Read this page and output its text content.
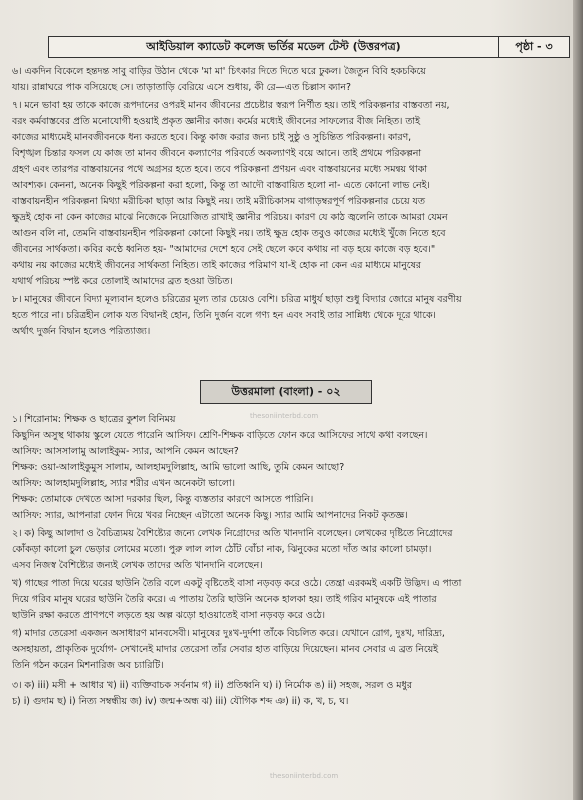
আইডিয়াল ক্যাডেট কলেজ ভর্তির মডেল টেস্ট (উত্তরপত্র)	পৃষ্ঠা - ৩
৬। একদিন বিকেলে হন্তদন্ত সাবু বাড়ির উঠান থেকে 'মা মা' চিৎকার দিতে দিতে ঘরে ঢুকল। জৈতুন বিবি হকচকিয়ে
যায়। রান্নাঘরে পাক বসিয়েছে সে। তাড়াতাড়ি বেরিয়ে এসে শুধায়, কী রে—এত চিল্লাস ক্যান?
৭। মনে ভাবা হয় তাকে কাজে রূপদানের ওপরই মানব জীবনের প্রচেষ্টার স্বরূপ নির্ণীত হয়। তাই পরিকল্পনার বাস্তবতা নয়,
বরং কর্মবাস্তবের প্রতি মনোযোগী হওয়াই প্রকৃত জ্ঞানীর কাজ। কর্মের মধ্যেই জীবনের সাফল্যের বীজ নিহিত। তাই
কাজের মাধ্যমেই মানবজীবনকে ধন্য করতে হবে। কিন্তু কাজ করার জন্য চাই সুষ্ঠু ও সুচিন্তিত পরিকল্পনা। কারণ,
বিশৃঙ্খল চিন্তার ফসল যে কাজ তা মানব জীবনে কল্যাণের পরিবর্তে অকল্যাণই বয়ে আনে। তাই প্রথমে পরিকল্পনা
গ্রহণ এবং তারপর বাস্তবায়নের পথে অগ্রসর হতে হবে। তবে পরিকল্পনা প্রণয়ন এবং বাস্তবায়নের মধ্যে সমন্বয় থাকা
আবশ্যক। কেননা, অনেক কিছুই পরিকল্পনা করা হলো, কিন্তু তা আদৌ বাস্তবায়িত হলো না- এতে কোনো লাভ নেই।
বাস্তবায়নহীন পরিকল্পনা মিথ্যা মরীচিকা ছাড়া আর কিছুই নয়। তাই মরীচিকাসম বাগাড়ম্বরপূর্ণ পরিকল্পনার চেয়ে যত
ক্ষুদ্রই হোক না কেন কাজের মাঝে নিজেকে নিয়োজিত রাখাই জ্ঞানীর পরিচয়। কারণ যে কাঠ জ্বলেনি তাকে আমরা যেমন
আগুন বলি না, তেমনি বাস্তবায়নহীন পরিকল্পনা কোনো কিছুই নয়। তাই ক্ষুদ্র হোক তবুও কাজের মধ্যেই খুঁজে নিতে হবে
জীবনের সার্থকতা। কবির কণ্ঠে ধ্বনিত হয়- "আমাদের দেশে হবে সেই ছেলে কবে কথায় না বড় হয়ে কাজে বড় হবে।"
কথায় নয় কাজের মধ্যেই জীবনের সার্থকতা নিহিত। তাই কাজের পরিমাণ যা-ই হোক না কেন এর মাধ্যমে মানুষের
যথার্থ পরিচয় স্পষ্ট করে তোলাই আমাদের ব্রত হওয়া উচিত।
৮। মানুষের জীবনে বিদ্যা মূল্যবান হলেও চরিত্রের মূল্য তার চেয়েও বেশি। চরিত্র মাধুর্য ছাড়া শুধু বিদ্যার জোরে মানুষ বরণীয়
হতে পারে না। চরিত্রহীন লোক যত বিদ্বানই হোন, তিনি দুর্জন বলে গণ্য হন এবং সবাই তার সান্নিধ্য থেকে দূরে থাকে।
অর্থাৎ দুর্জন বিদ্বান হলেও পরিত্যাজ্য।
১। শিরোনাম: শিক্ষক ও ছাত্রের কুশল বিনিময়
কিছুদিন অসুস্থ থাকায় স্কুলে যেতে পারেনি আসিফ। শ্রেণি-শিক্ষক বাড়িতে ফোন করে আসিফের সাথে কথা বলছেন।
আসিফ: আসসালামু আলাইকুম- স্যার, আপনি কেমন আছেন?
শিক্ষক: ওয়া-আলাইকুমুস সালাম, আলহামদুলিল্লাহ, আমি ভালো আছি, তুমি কেমন আছো?
আসিফ: আলহামদুলিল্লাহ, স্যার শরীর এখন অনেকটা ভালো।
শিক্ষক: তোমাকে দেখতে আসা দরকার ছিল, কিন্তু ব্যস্ততার কারণে আসতে পারিনি।
আসিফ: স্যার, আপনারা ফোন দিয়ে খবর নিচ্ছেন এটাতো অনেক কিছু। স্যার আমি আপনাদের নিকট কৃতজ্ঞ।
২। ক) কিছু আলাদা ও বৈচিত্র্যময় বৈশিষ্ট্যের জন্যে লেখক নিগ্রোদের অতি খানদানি বলেছেন। লেখকের দৃষ্টিতে নিগ্রোদের
কোঁকড়া কালো চুল ভেড়ার লোমের মতো। পুরু লাল লাল ঠোঁট বোঁচা নাক, ঝিনুকের মতো দাঁত আর কালো চামড়া।
এসব নিজস্ব বৈশিষ্ট্যের জন্যই লেখক তাদের অতি খানদানি বলেছেন।
খ) গাছের পাতা দিয়ে ঘরের ছাউনি তৈরি বলে একটু বৃষ্টিতেই বাসা নড়বড় করে ওঠে। তেন্ত্রা এরকমই একটি উদ্ভিদ। এ পাতা
দিয়ে গরিব মানুষ ঘরের ছাউনি তৈরি করে। এ পাতায় তৈরি ছাউনি অনেক হালকা হয়। তাই গরিব মানুষকে এই পাতার
ছাউনি রক্ষা করতে প্রাণপণে লড়তে হয় অল্প ঝড়ো হাওয়াতেই বাসা নড়বড় করে ওঠে।
গ) মাদার তেরেসা একজন অসাধারণ মানবসেবী। মানুষের দুঃখ-দুর্দশা তাঁকে বিচলিত করে। যেখানে রোগ, দুঃখ, দারিদ্র্য,
অসহায়তা, প্রাকৃতিক দুর্যোগ- সেখানেই মাদার তেরেসা তাঁর সেবার হাত বাড়িয়ে দিয়েছেন। মানব সেবার এ ব্রত নিয়েই
তিনি গঠন করেন মিশনারিজ অব চ্যারিটি।
৩। ক) iii) মসী + আধার খ) ii) ব্যক্তিবাচক সর্বনাম গ) ii) প্রতিধ্বনি ঘ) i) নির্মোক ঙ) ii) সহজ, সরল ও মধুর
চ) i) গুদাম ছ) i) নিত্য সম্বন্ধীয় জ) iv) জন্ম+অন্ধ ঝ) iii) যৌগিক শব্দ ঞ) ii) ক, খ, চ, ঘ।
উত্তরমালা (বাংলা) - ০২
thesoniinterbd.com
thesoniinterbd.com
